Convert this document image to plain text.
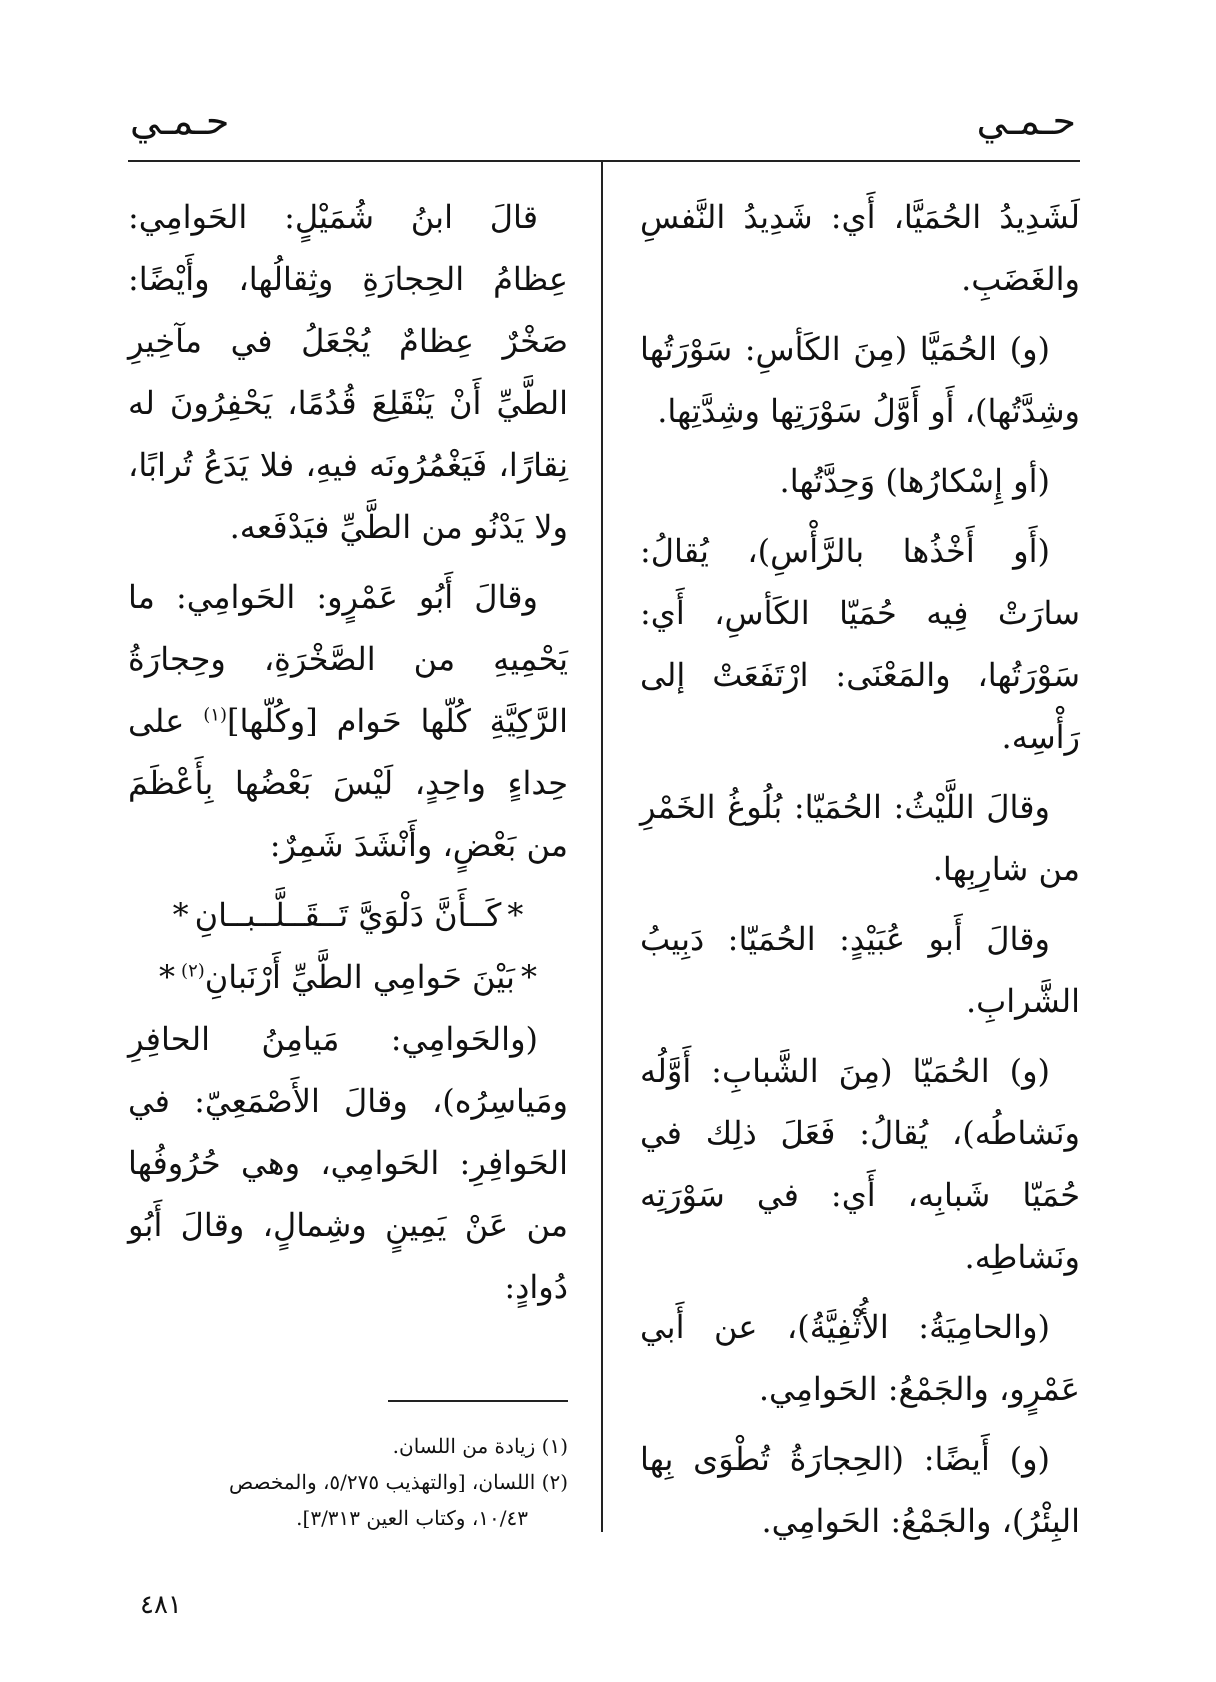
حـمـي
حـمـي

لَشَدِيدُ الحُمَيَّا، أَي: شَدِيدُ النَّفسِ والغَضَبِ.

(و) الحُمَيَّا (مِنَ الكَأسِ: سَوْرَتُها وشِدَّتُها)، أَو أَوَّلُ سَوْرَتِها وشِدَّتِها.

(أو إِسْكارُها) وَحِدَّتُها.

(أَو أَخْذُها بالرَّأْسِ)، يُقالُ: سارَتْ فِيه حُمَيّا الكَأسِ، أَي: سَوْرَتُها، والمَعْنَى: ارْتَفَعَتْ إلى رَأْسِه.

وقالَ اللَّيْثُ: الحُمَيّا: بُلُوغُ الخَمْرِ من شارِبِها.

وقالَ أَبو عُبَيْدٍ: الحُمَيّا: دَبِيبُ الشَّرابِ.

(و) الحُمَيّا (مِنَ الشَّبابِ: أَوَّلُه ونَشاطُه)، يُقالُ: فَعَلَ ذلِك في حُمَيّا شَبابِه، أَي: في سَوْرَتِه ونَشاطِه.

(والحامِيَةُ: الأُثْفِيَّةُ)، عن أَبي عَمْرٍو، والجَمْعُ: الحَوامِي.

(و) أَيضًا: (الحِجارَةُ تُطْوَى بِها البِئْرُ)، والجَمْعُ: الحَوامِي.

قالَ ابنُ شُمَيْلٍ: الحَوامِي: عِظامُ الحِجارَةِ وثِقالُها، وأَيْضًا: صَخْرٌ عِظامٌ يُجْعَلُ في مآخِيرِ الطَّيِّ أَنْ يَنْقَلِعَ قُدُمًا، يَحْفِرُونَ له نِقارًا، فَيَغْمُرُونَه فيهِ، فلا يَدَعُ تُرابًا، ولا يَدْنُو من الطَّيِّ فيَدْفَعه.

وقالَ أَبُو عَمْرٍو: الحَوامِي: ما يَحْمِيهِ من الصَّخْرَةِ، وحِجارَةُ الرَّكِيَّةِ كُلّها حَوام [وكُلّها]$^{(١)}$ على حِداءٍ واحِدٍ، لَيْسَ بَعْضُها بِأَعْظَمَ من بَعْضٍ، وأَنْشَدَ شَمِرٌ:

*كَــأَنَّ دَلْوَيَّ تَــقَــلَّــبــانِ*

*بَيْنَ حَوامِي الطَّيِّ أَرْنَبانِ$^{(٢)}$*

(والحَوامِي: مَيامِنُ الحافِرِ ومَياسِرُه)، وقالَ الأَصْمَعِيّ: في الحَوافِرِ: الحَوامِي، وهي حُرُوفُها من عَنْ يَمِينٍ وشِمالٍ، وقالَ أَبُو دُوادٍ:

(١) زيادة من اللسان.

(٢) اللسان، [والتهذيب ٥/٢٧٥، والمخصص

١٠/٤٣، وكتاب العين ٣/٣١٣].

٤٨١
